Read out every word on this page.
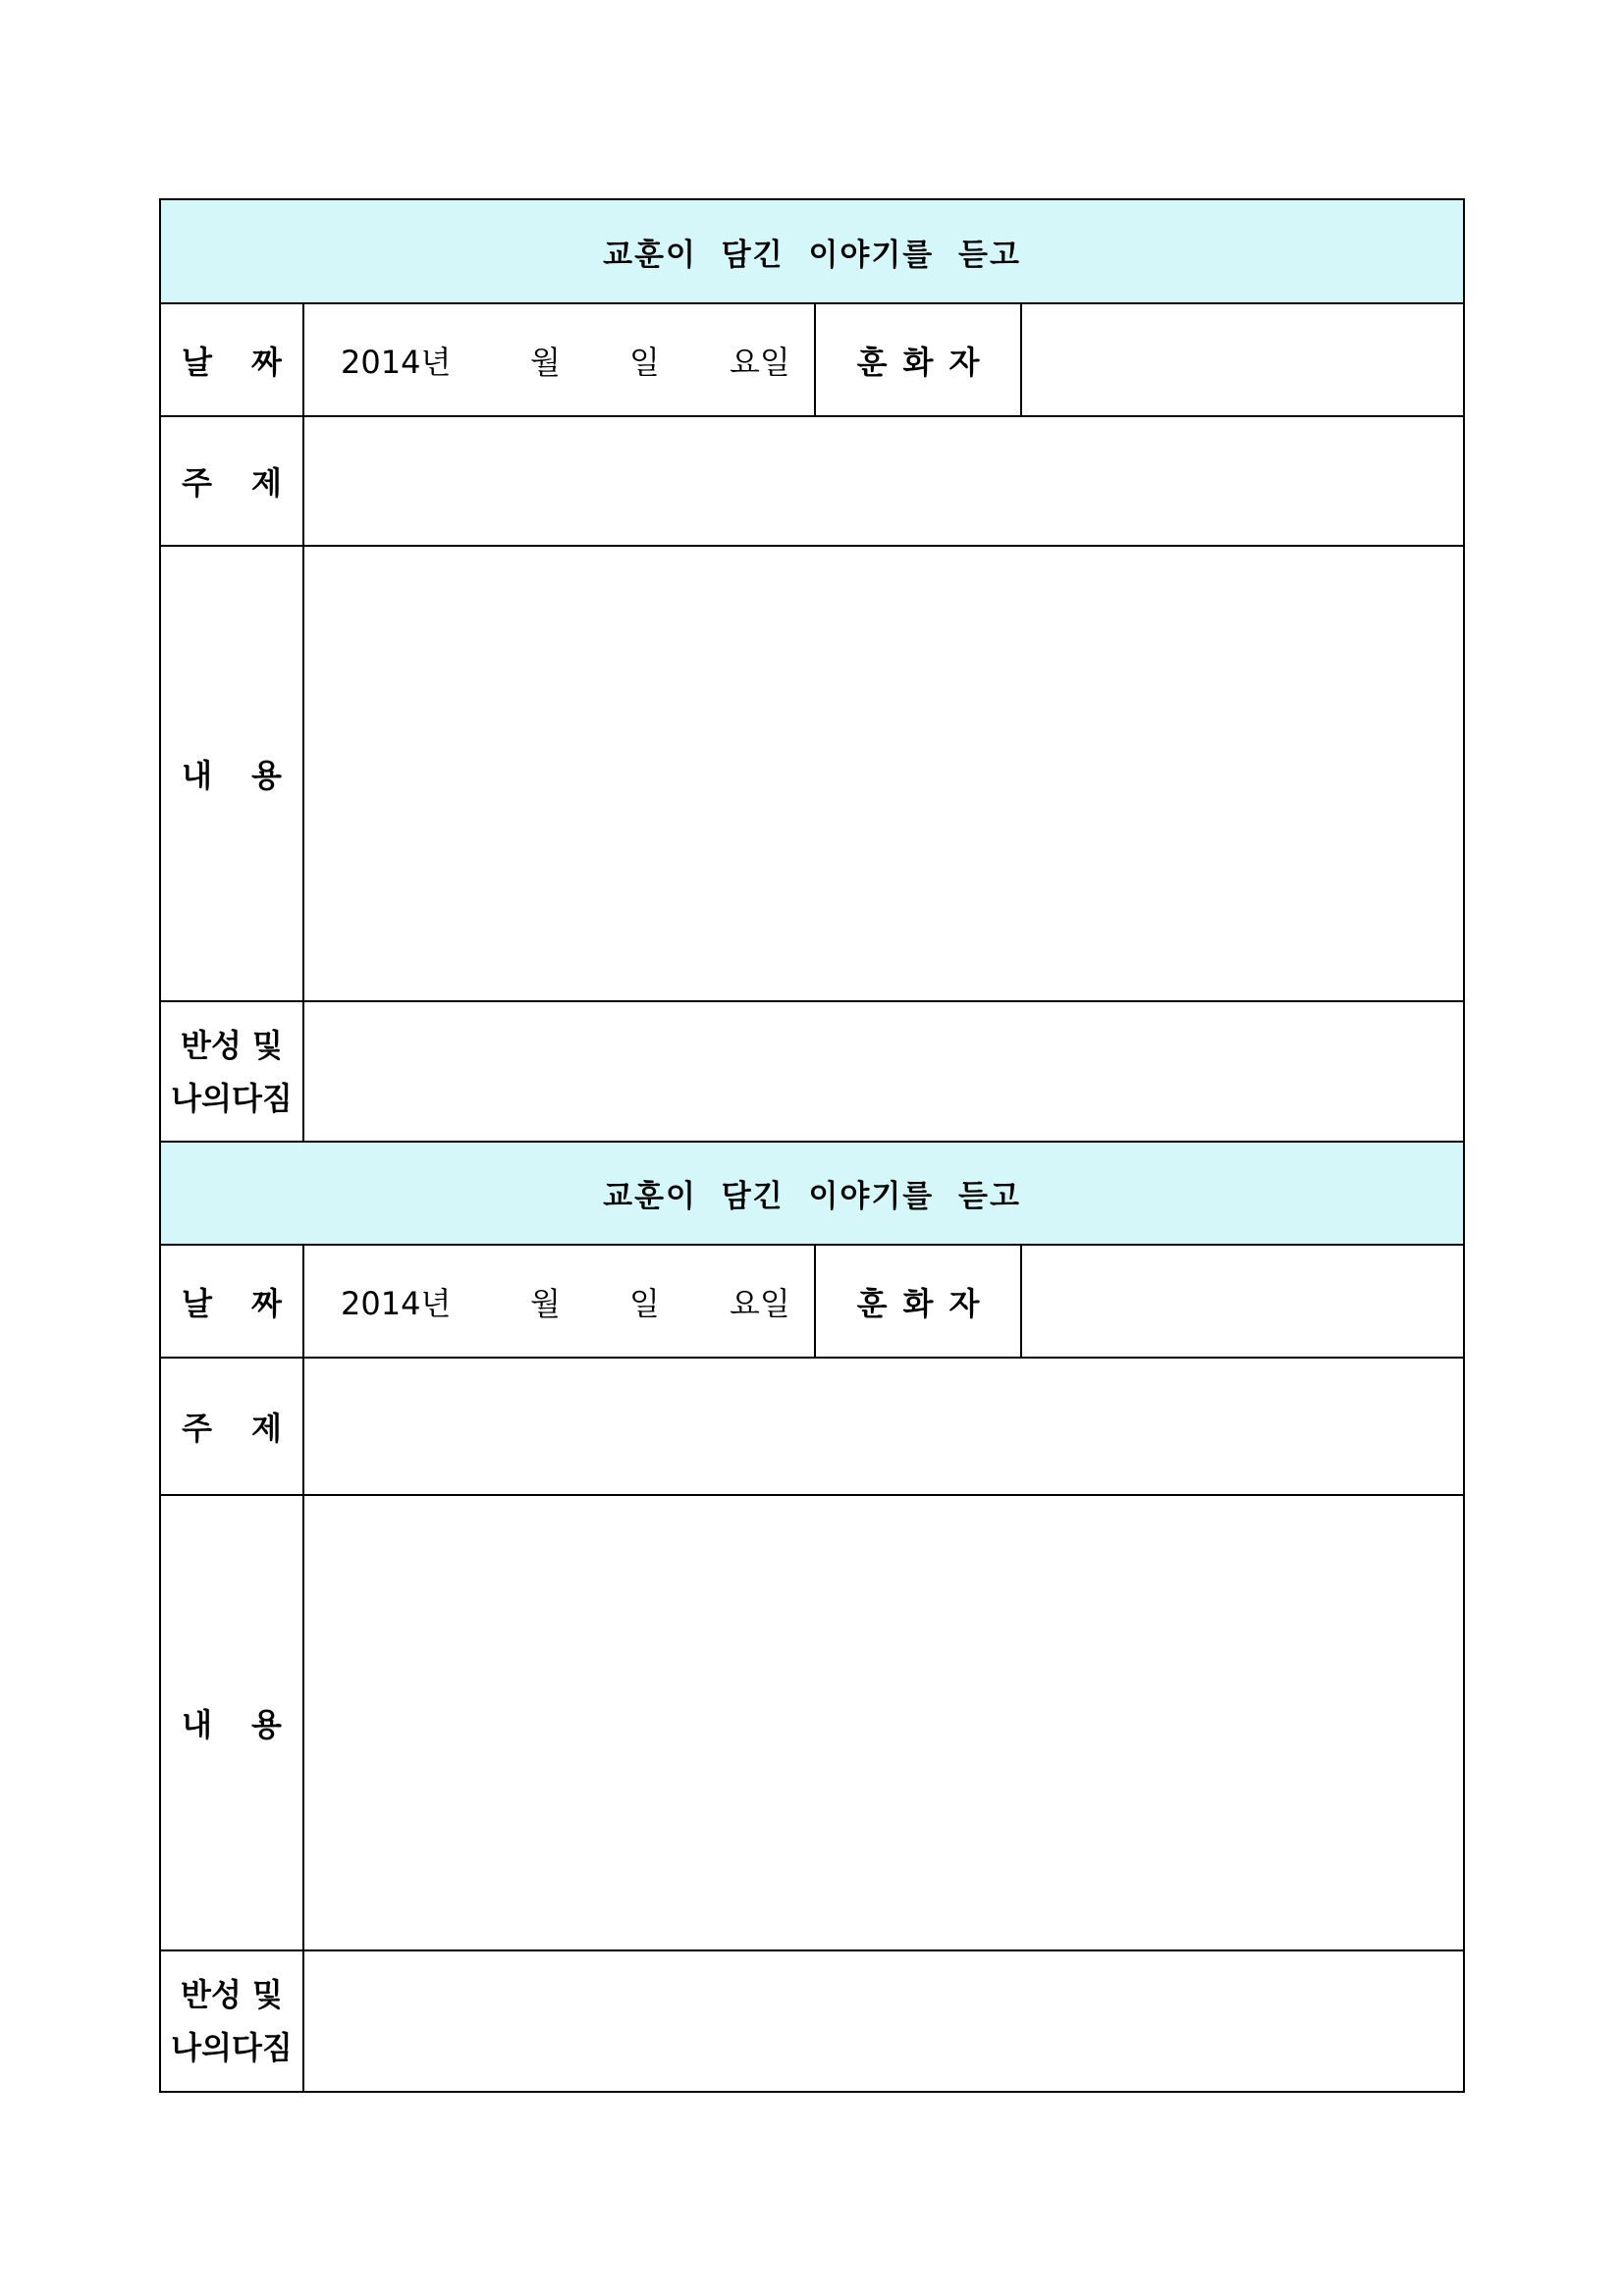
교훈이 담긴 이야기를 듣고			
날 짜	2014년 월 일 요일	훈 화 자	
주 제			
내 용			

반성 및
나의다짐			

교훈이 담긴 이야기를 듣고			
날 짜	2014년 월 일 요일	훈 화 자	
주 제			
내 용			

반성 및
나의다짐			
